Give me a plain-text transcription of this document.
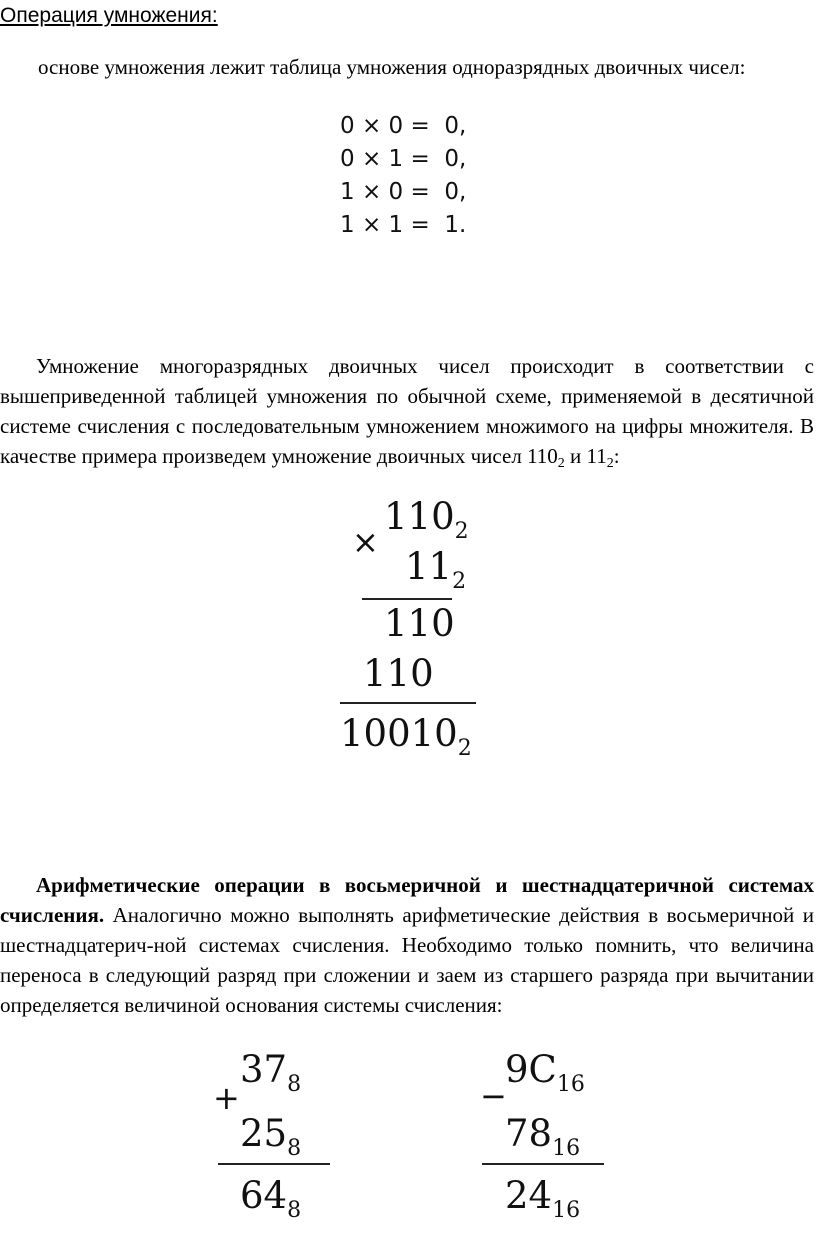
Операция умножения:
основе умножения лежит таблица умножения одноразрядных двоичных чисел:
0 × 0 =  0,
0 × 1 =  0,
1 × 0 =  0,
1 × 1 =  1.
Умножение многоразрядных двоичных чисел происходит в соответствии с вышеприведенной таблицей умножения по обычной схеме, применяемой в десятичной системе счисления с последовательным умножением множимого на цифры множителя. В качестве примера произведем умножение двоичных чисел $110_2$ и $11_2$:
×
$110_2$
$11_2$
110
110
$10010_2$
Арифметические операции в восьмеричной и шестнадцатеричной системах счисления. Аналогично можно выполнять арифметические действия в восьмеричной и шестнадцатерич-ной системах счисления. Необходимо только помнить, что величина переноса в следующий разряд при сложении и заем из старшего разряда при вычитании определяется величиной основания системы счисления:
+
$37_8$
$25_8$
$64_8$
−
$9C_{16}$
$78_{16}$
$24_{16}$
